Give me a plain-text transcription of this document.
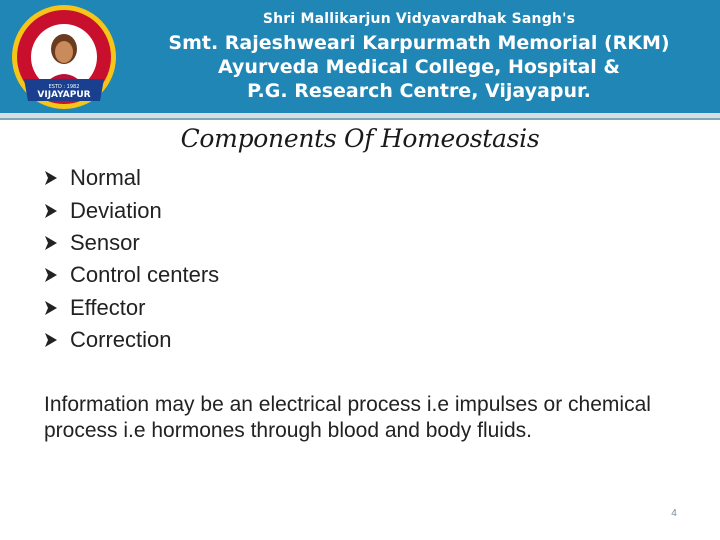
VIJAYAPUR
ESTD : 1982
Shri Mallikarjun Vidyavardhak Sangh's
Smt. Rajeshweari Karpurmath Memorial (RKM)
Ayurveda Medical College, Hospital &
P.G. Research Centre, Vijayapur.
Components Of Homeostasis
Normal
Deviation
Sensor
Control centers
Effector
Correction

Information may be an electrical process i.e impulses or chemical process i.e hormones through blood and body fluids.

4
